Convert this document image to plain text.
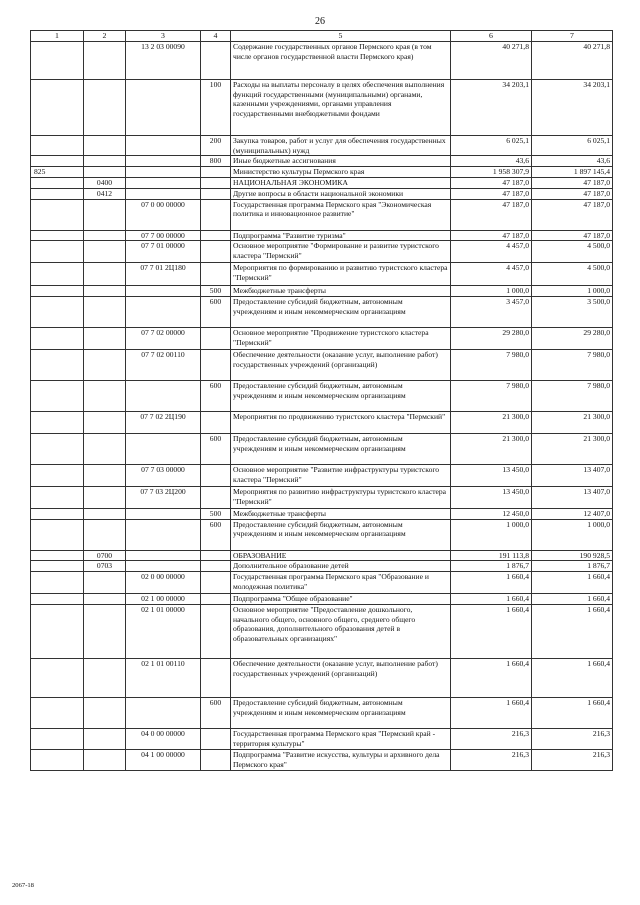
26
1	2	3	4	5	6	7
		13 2 03 00090		Содержание государственных органов Пермского края (в том числе органов государственной власти Пермского края)	40 271,8	40 271,8
			100	Расходы на выплаты персоналу в целях обеспечения выполнения функций государственными (муниципальными) органами, казенными учреждениями, органами управления государственными внебюджетными фондами	34 203,1	34 203,1
			200	Закупка товаров, работ и услуг для обеспечения государственных (муниципальных) нужд	6 025,1	6 025,1
			800	Иные бюджетные ассигнования	43,6	43,6
825				Министерство культуры Пермского края	1 958 307,9	1 897 145,4
	0400			НАЦИОНАЛЬНАЯ ЭКОНОМИКА	47 187,0	47 187,0
	0412			Другие вопросы в области национальной экономики	47 187,0	47 187,0
		07 0 00 00000		Государственная программа Пермского края "Экономическая политика и инновационное развитие"	47 187,0	47 187,0
		07 7 00 00000		Подпрограмма "Развитие туризма"	47 187,0	47 187,0
		07 7 01 00000		Основное мероприятие "Формирование и развитие туристского кластера "Пермский"	4 457,0	4 500,0
		07 7 01 2Ц180		Мероприятия по формированию и развитию туристского кластера "Пермский"	4 457,0	4 500,0
			500	Межбюджетные трансферты	1 000,0	1 000,0
			600	Предоставление субсидий бюджетным, автономным учреждениям и иным некоммерческим организациям	3 457,0	3 500,0
		07 7 02 00000		Основное мероприятие "Продвижение туристского кластера "Пермский"	29 280,0	29 280,0
		07 7 02 00110		Обеспечение деятельности (оказание услуг, выполнение работ) государственных учреждений (организаций)	7 980,0	7 980,0
			600	Предоставление субсидий бюджетным, автономным учреждениям и иным некоммерческим организациям	7 980,0	7 980,0
		07 7 02 2Ц190		Мероприятия по продвижению туристского кластера "Пермский"	21 300,0	21 300,0
			600	Предоставление субсидий бюджетным, автономным учреждениям и иным некоммерческим организациям	21 300,0	21 300,0
		07 7 03 00000		Основное мероприятие "Развитие инфраструктуры туристского кластера "Пермский"	13 450,0	13 407,0
		07 7 03 2Ц200		Мероприятия по развитию инфраструктуры туристского кластера "Пермский"	13 450,0	13 407,0
			500	Межбюджетные трансферты	12 450,0	12 407,0
			600	Предоставление субсидий бюджетным, автономным учреждениям и иным некоммерческим организациям	1 000,0	1 000,0
	0700			ОБРАЗОВАНИЕ	191 113,8	190 928,5
	0703			Дополнительное образование детей	1 876,7	1 876,7
		02 0 00 00000		Государственная программа Пермского края "Образование и молодежная политика"	1 660,4	1 660,4
		02 1 00 00000		Подпрограмма "Общее образование"	1 660,4	1 660,4
		02 1 01 00000		Основное мероприятие "Предоставление дошкольного, начального общего, основного общего, среднего общего образования, дополнительного образования детей в образовательных организациях"	1 660,4	1 660,4
		02 1 01 00110		Обеспечение деятельности (оказание услуг, выполнение работ) государственных учреждений (организаций)	1 660,4	1 660,4
			600	Предоставление субсидий бюджетным, автономным учреждениям и иным некоммерческим организациям	1 660,4	1 660,4
		04 0 00 00000		Государственная программа Пермского края "Пермский край - территория культуры"	216,3	216,3
		04 1 00 00000		Подпрограмма "Развитие искусства, культуры и архивного дела Пермского края"	216,3	216,3
2067-18
